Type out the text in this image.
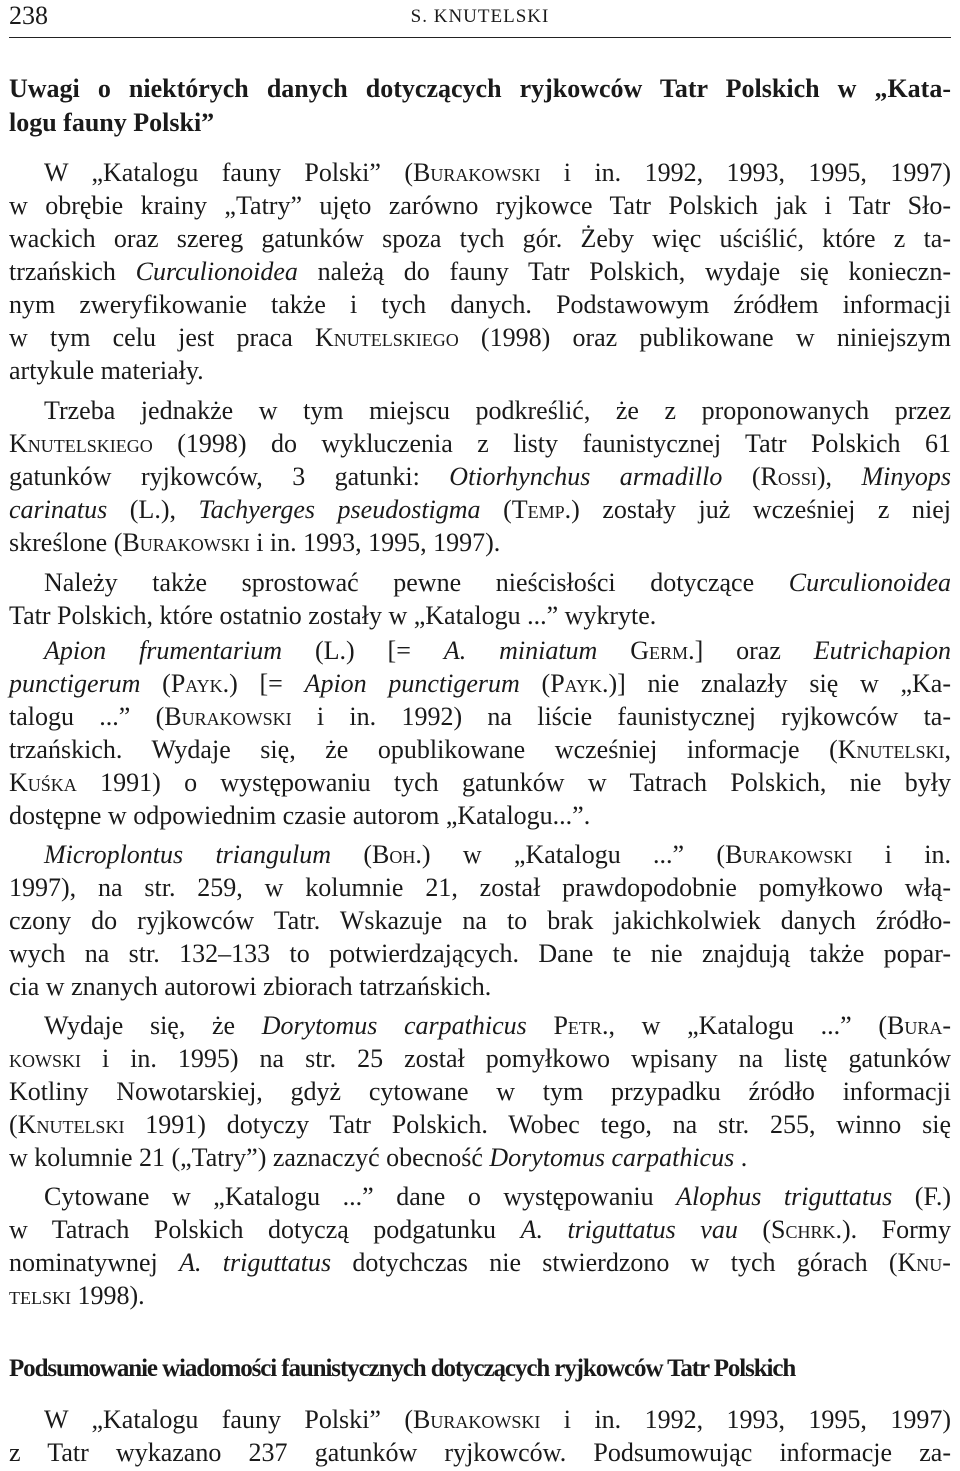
238	S. KNUTELSKI
Uwagi o niektórych danych dotyczących ryjkowców Tatr Polskich w „Kata-
logu fauny Polski”
W „Katalogu fauny Polski” (Burakowski i in. 1992, 1993, 1995, 1997)
w obrębie krainy „Tatry” ujęto zarówno ryjkowce Tatr Polskich jak i Tatr Sło-
wackich oraz szereg gatunków spoza tych gór. Żeby więc uściślić, które z ta-
trzańskich Curculionoidea należą do fauny Tatr Polskich, wydaje się konieczn-
nym zweryfikowanie także i tych danych. Podstawowym źródłem informacji
w tym celu jest praca Knutelskiego (1998) oraz publikowane w niniejszym
artykule materiały.
Trzeba jednakże w tym miejscu podkreślić, że z proponowanych przez
Knutelskiego (1998) do wykluczenia z listy faunistycznej Tatr Polskich 61
gatunków ryjkowców, 3 gatunki: Otiorhynchus armadillo (Rossi), Minyops
carinatus (L.), Tachyerges pseudostigma (Temp.) zostały już wcześniej z niej
skreślone (Burakowski i in. 1993, 1995, 1997).
Należy także sprostować pewne nieścisłości dotyczące Curculionoidea
Tatr Polskich, które ostatnio zostały w „Katalogu ...” wykryte.
Apion frumentarium (L.) [= A. miniatum Germ.] oraz Eutrichapion
punctigerum (Payk.) [= Apion punctigerum (Payk.)] nie znalazły się w „Ka-
talogu ...” (Burakowski i in. 1992) na liście faunistycznej ryjkowców ta-
trzańskich. Wydaje się, że opublikowane wcześniej informacje (Knutelski,
Kuśka 1991) o występowaniu tych gatunków w Tatrach Polskich, nie były
dostępne w odpowiednim czasie autorom „Katalogu...”.
Microplontus triangulum (Boh.) w „Katalogu ...” (Burakowski i in.
1997), na str. 259, w kolumnie 21, został prawdopodobnie pomyłkowo włą-
czony do ryjkowców Tatr. Wskazuje na to brak jakichkolwiek danych źródło-
wych na str. 132–133 to potwierdzających. Dane te nie znajdują także popar-
cia w znanych autorowi zbiorach tatrzańskich.
Wydaje się, że Dorytomus carpathicus Petr., w „Katalogu ...” (Bura-
kowski i in. 1995) na str. 25 został pomyłkowo wpisany na listę gatunków
Kotliny Nowotarskiej, gdyż cytowane w tym przypadku źródło informacji
(Knutelski 1991) dotyczy Tatr Polskich. Wobec tego, na str. 255, winno się
w kolumnie 21 („Tatry”) zaznaczyć obecność Dorytomus carpathicus .
Cytowane w „Katalogu ...” dane o występowaniu Alophus triguttatus (F.)
w Tatrach Polskich dotyczą podgatunku A. triguttatus vau (Schrk.). Formy
nominatywnej A. triguttatus dotychczas nie stwierdzono w tych górach (Knu-
telski 1998).
Podsumowanie wiadomości faunistycznych dotyczących ryjkowców Tatr Polskich
W „Katalogu fauny Polski” (Burakowski i in. 1992, 1993, 1995, 1997)
z Tatr wykazano 237 gatunków ryjkowców. Podsumowując informacje za-
